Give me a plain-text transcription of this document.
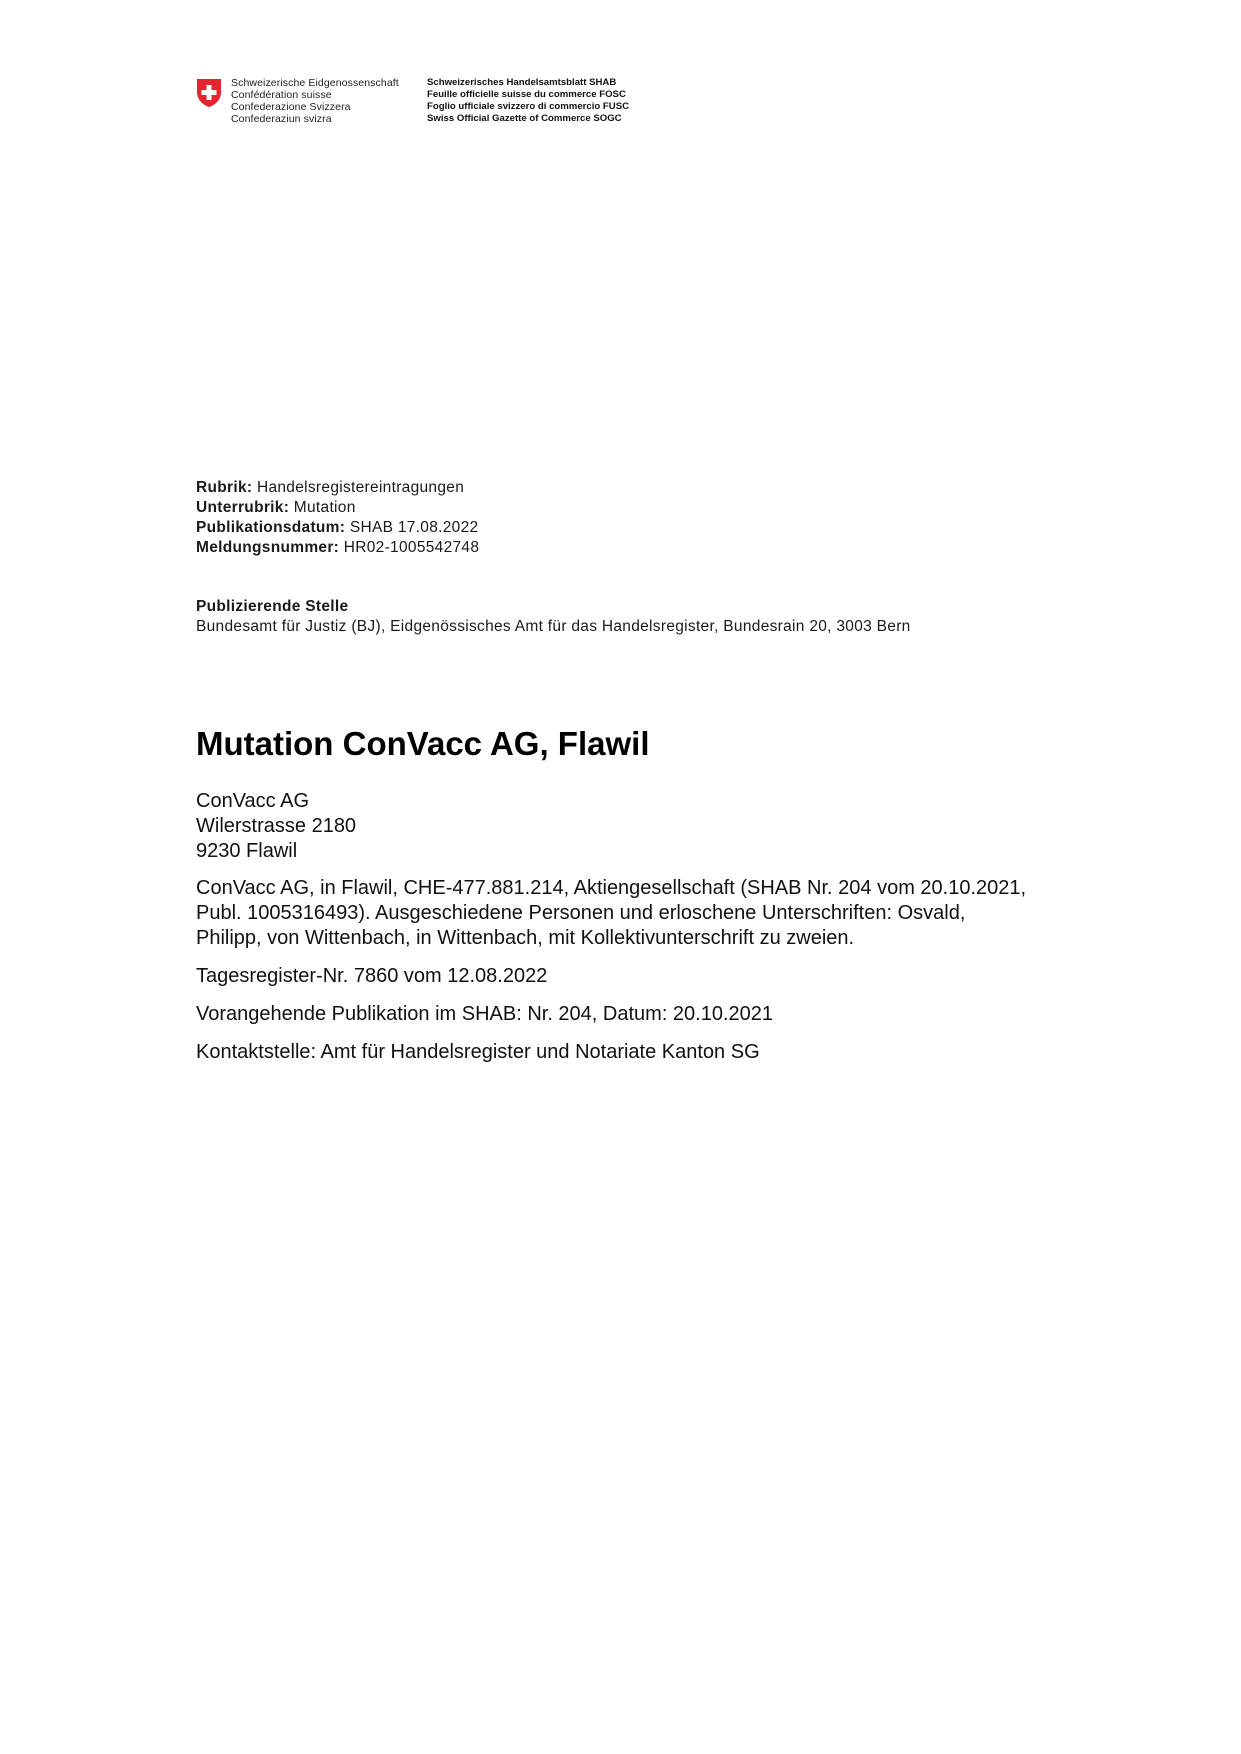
Schweizerische Eidgenossenschaft
Confédération suisse
Confederazione Svizzera
Confederaziun svizra
Schweizerisches Handelsamtsblatt SHAB
Feuille officielle suisse du commerce FOSC
Foglio ufficiale svizzero di commercio FUSC
Swiss Official Gazette of Commerce SOGC
Rubrik: Handelsregistereintragungen
Unterrubrik: Mutation
Publikationsdatum: SHAB 17.08.2022
Meldungsnummer: HR02-1005542748
Publizierende Stelle
Bundesamt für Justiz (BJ), Eidgenössisches Amt für das Handelsregister, Bundesrain 20, 3003 Bern
Mutation ConVacc AG, Flawil
ConVacc AG
Wilerstrasse 2180
9230 Flawil

ConVacc AG, in Flawil, CHE-477.881.214, Aktiengesellschaft (SHAB Nr. 204 vom 20.10.2021, Publ. 1005316493). Ausgeschiedene Personen und erloschene Unterschriften: Osvald, Philipp, von Wittenbach, in Wittenbach, mit Kollektivunterschrift zu zweien.

Tagesregister-Nr. 7860 vom 12.08.2022

Vorangehende Publikation im SHAB: Nr. 204, Datum: 20.10.2021

Kontaktstelle: Amt für Handelsregister und Notariate Kanton SG
